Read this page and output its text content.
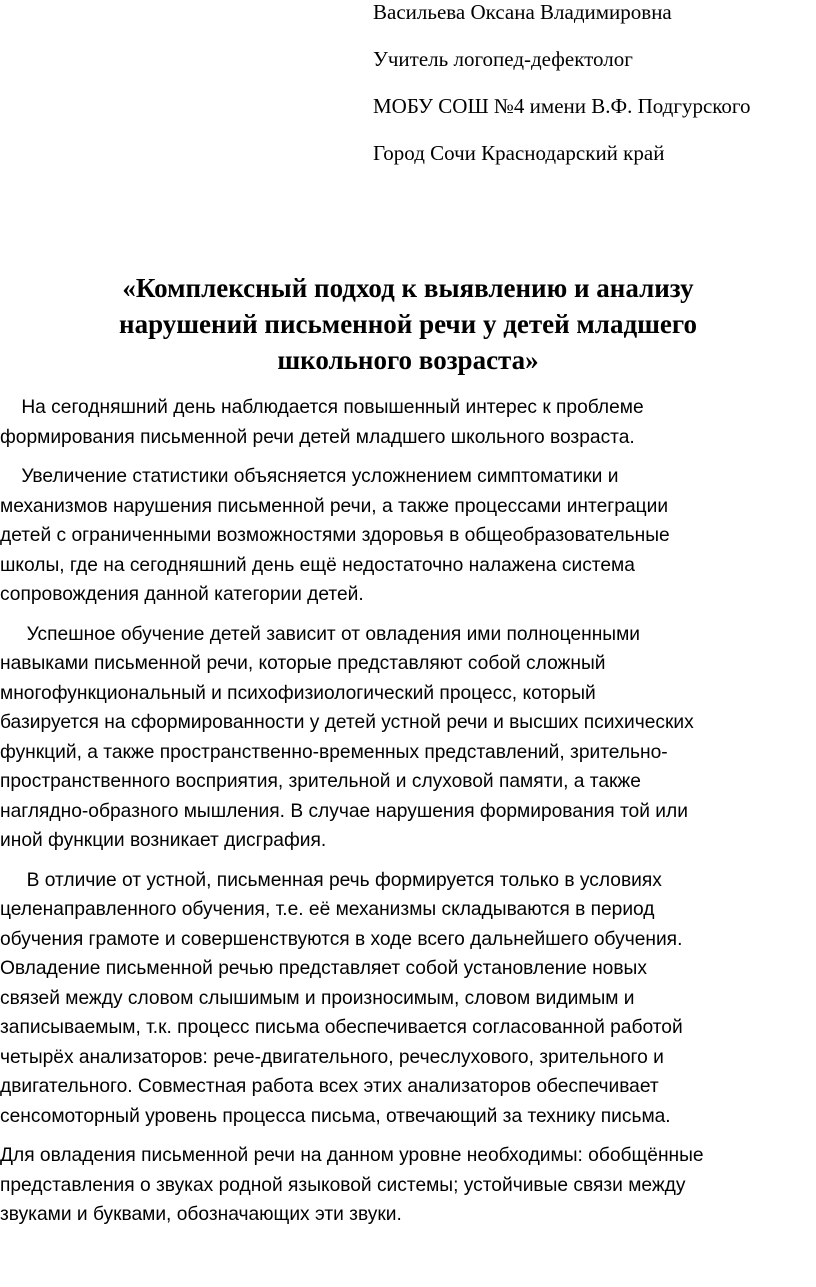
Васильева Оксана Владимировна
Учитель логопед-дефектолог
МОБУ СОШ №4 имени В.Ф. Подгурского
Город Сочи Краснодарский край
«Комплексный подход к выявлению и анализу
нарушений письменной речи у детей младшего
школьного возраста»

На сегодняшний день наблюдается повышенный интерес к проблеме
формирования письменной речи детей младшего школьного возраста.

Увеличение статистики объясняется усложнением симптоматики и
механизмов нарушения письменной речи, а также процессами интеграции
детей с ограниченными возможностями здоровья в общеобразовательные
школы, где на сегодняшний день ещё недостаточно налажена система
сопровождения данной категории детей.

Успешное обучение детей зависит от овладения ими полноценными
навыками письменной речи, которые представляют собой сложный
многофункциональный и психофизиологический процесс, который
базируется на сформированности у детей устной речи и высших психических
функций, а также пространственно-временных представлений, зрительно-
пространственного восприятия, зрительной и слуховой памяти, а также
наглядно-образного мышления. В случае нарушения формирования той или
иной функции возникает дисграфия.

В отличие от устной, письменная речь формируется только в условиях
целенаправленного обучения, т.е. её механизмы складываются в период
обучения грамоте и совершенствуются в ходе всего дальнейшего обучения.
Овладение письменной речью представляет собой установление новых
связей между словом слышимым и произносимым, словом видимым и
записываемым, т.к. процесс письма обеспечивается согласованной работой
четырёх анализаторов: рече-двигательного, речеслухового, зрительного и
двигательного. Совместная работа всех этих анализаторов обеспечивает
сенсомоторный уровень процесса письма, отвечающий за технику письма.

Для овладения письменной речи на данном уровне необходимы: обобщённые
представления о звуках родной языковой системы; устойчивые связи между
звуками и буквами, обозначающих эти звуки.
